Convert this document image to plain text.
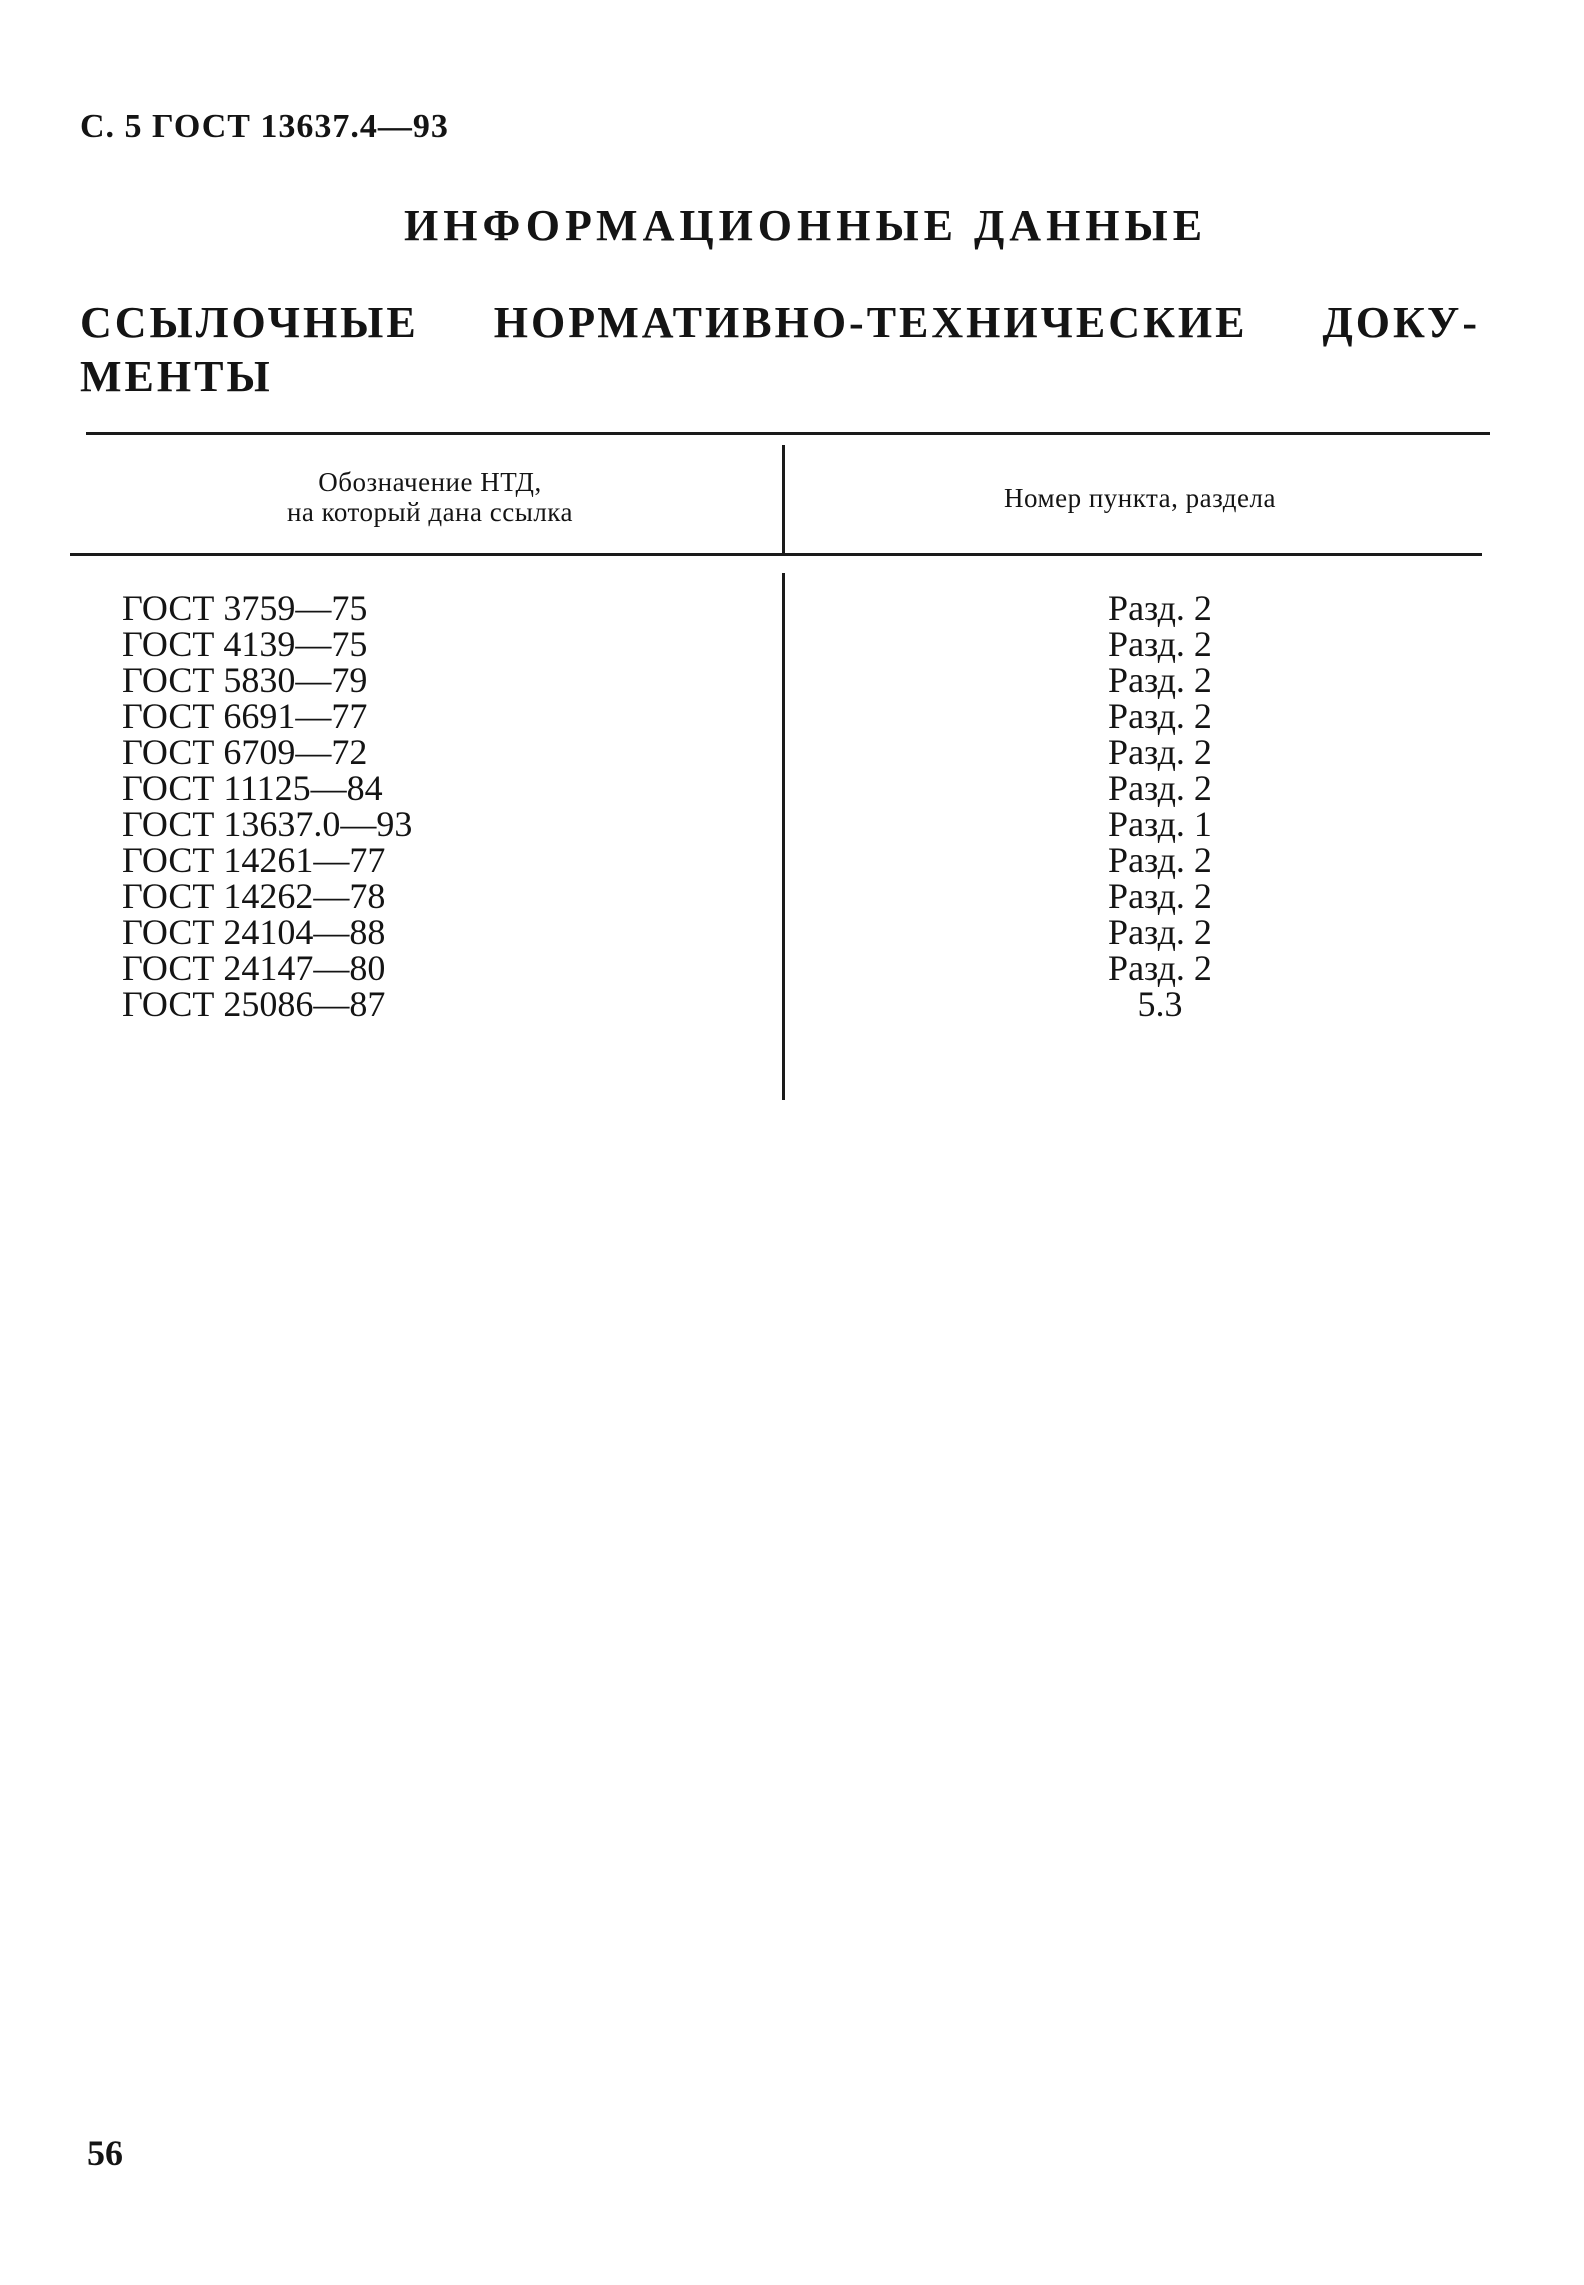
С. 5 ГОСТ 13637.4—93
ИНФОРМАЦИОННЫЕ ДАННЫЕ
ССЫЛОЧНЫЕ НОРМАТИВНО-ТЕХНИЧЕСКИЕ ДОКУ-
МЕНТЫ
Обозначение НТД,
на который дана ссылка	Номер пункта, раздела
ГОСТ 3759—75
ГОСТ 4139—75
ГОСТ 5830—79
ГОСТ 6691—77
ГОСТ 6709—72
ГОСТ 11125—84
ГОСТ 13637.0—93
ГОСТ 14261—77
ГОСТ 14262—78
ГОСТ 24104—88
ГОСТ 24147—80
ГОСТ 25086—87
Разд. 2
Разд. 2
Разд. 2
Разд. 2
Разд. 2
Разд. 2
Разд. 1
Разд. 2
Разд. 2
Разд. 2
Разд. 2
5.3
56
